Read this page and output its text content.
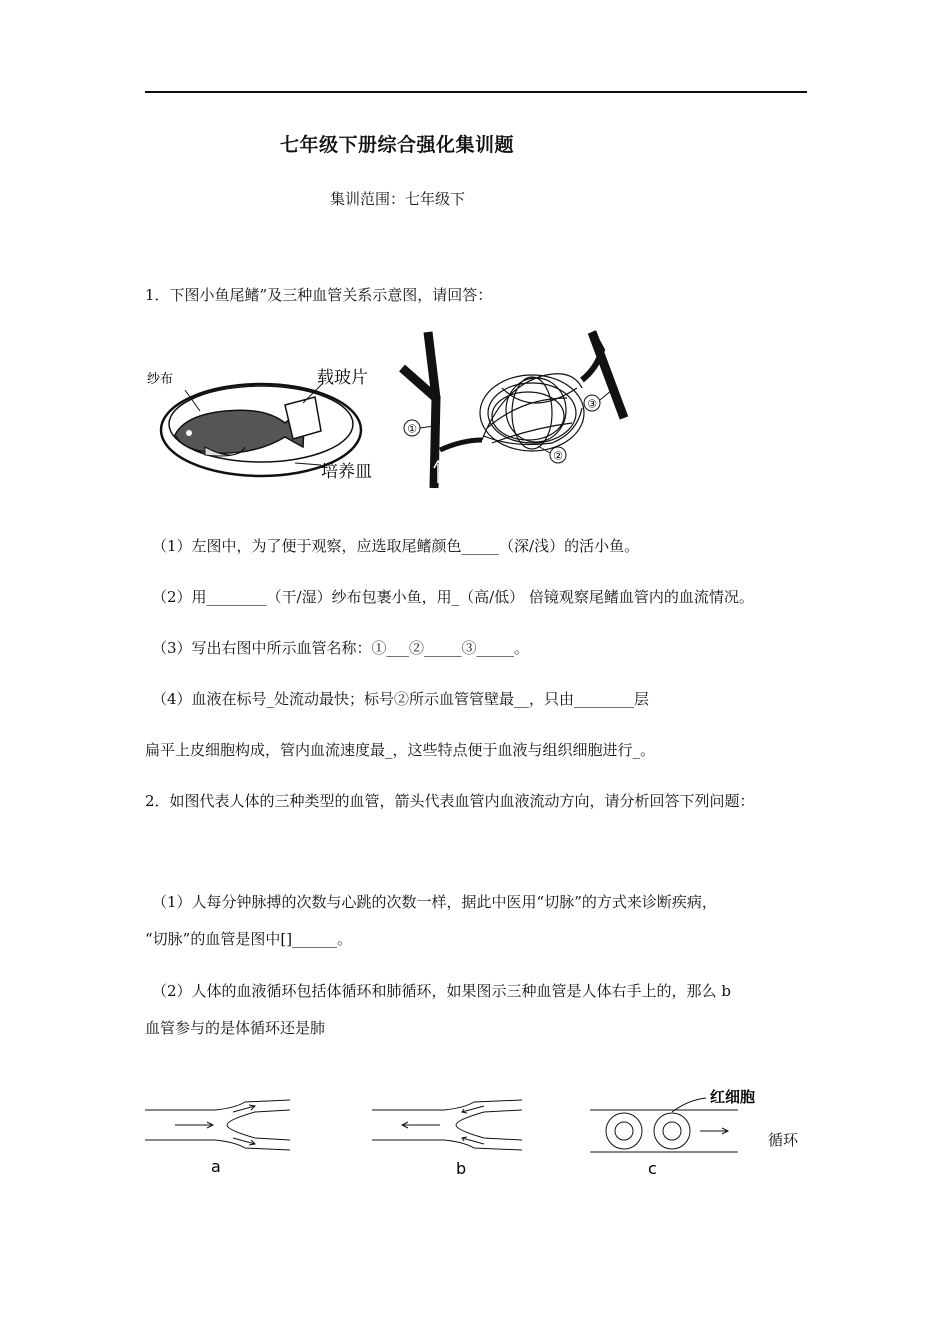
七年级下册综合强化集训题
集训范围：七年级下
1．下图小鱼尾鳍”及三种血管关系示意图，请回答：
纱布	载玻片
培养皿
①
②
③
（1）左图中，为了便于观察，应选取尾鳍颜色_____（深/浅）的活小鱼。
（2）用________（干/湿）纱布包裹小鱼，用_（高/低） 倍镜观察尾鳍血管内的血流情况。
（3）写出右图中所示血管名称：①___②_____③_____。
（4）血液在标号_处流动最快；标号②所示血管管壁最__，只由________层
扁平上皮细胞构成，管内血流速度最_，这些特点便于血液与组织细胞进行_。
2．如图代表人体的三种类型的血管，箭头代表血管内血液流动方向，请分析回答下列问题：
（1）人每分钟脉搏的次数与心跳的次数一样，据此中医用“切脉”的方式来诊断疾病，
“切脉”的血管是图中[]______。
（2）人体的血液循环包括体循环和肺循环，如果图示三种血管是人体右手上的，那么 b
血管参与的是体循环还是肺
a	b
红细胞
c
循环
